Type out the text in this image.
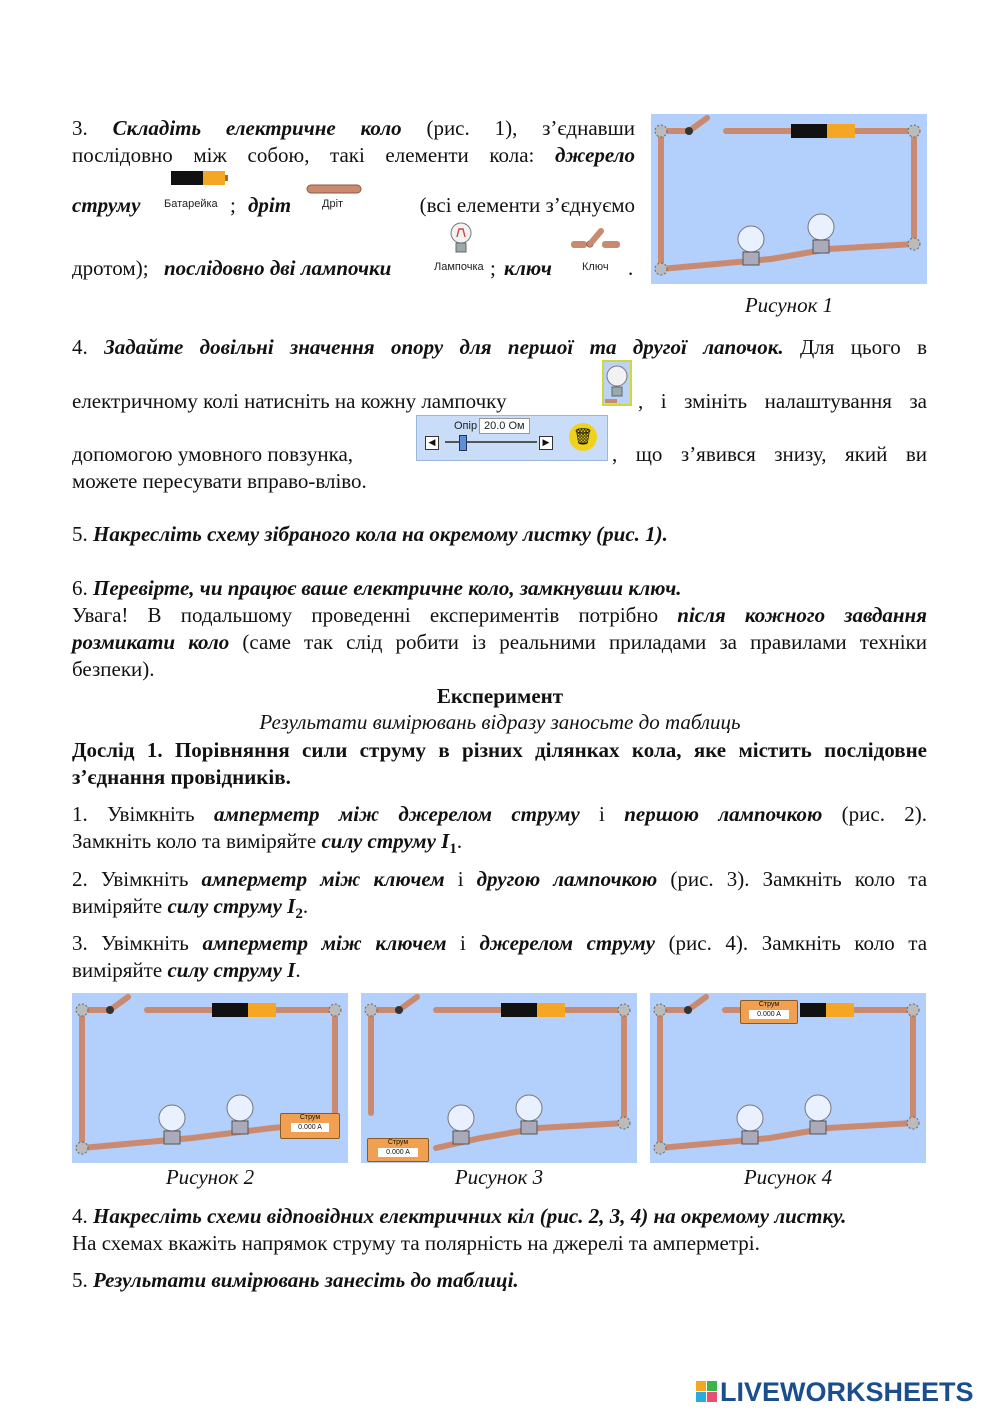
3. Складіть електричне коло (рис. 1), з’єднавши
послідовно між собою, такі елементи кола: джерело
струму Батарейка ; дріт	Дріт	(всі елементи з’єднуємо
дротом); послідовно дві лампочки	Лампочка ; ключ	Ключ .
Рисунок 1
4. Задайте довільні значення опору для першої та другої лапочок. Для цього в
електричному колі натисніть на кожну лампочку	, і змініть налаштування за
допомогою умовного повзунка,
Опір 20.0 Ом
◀	▶ 🗑
, що з’явився знизу, який ви
можете пересувати вправо-вліво.
5. Накресліть схему зібраного кола на окремому листку (рис. 1).
6. Перевірте, чи працює ваше електричне коло, замкнувши ключ.
Увага! В подальшому проведенні експериментів потрібно після кожного завдання
розмикати коло (саме так слід робити із реальними приладами за правилами техніки
безпеки).
Експеримент
Результати вимірювань відразу заносьте до таблиць
Дослід 1. Порівняння сили струму в різних ділянках кола, яке містить послідовне
з’єднання провідників.
1. Увімкніть амперметр між джерелом струму і першою лампочкою (рис. 2).
Замкніть коло та виміряйте силу струму $I_1$.
2. Увімкніть амперметр між ключем і другою лампочкою (рис. 3). Замкніть коло та
виміряйте силу струму $I_2$.
3. Увімкніть амперметр між ключем і джерелом струму (рис. 4). Замкніть коло та
виміряйте силу струму I.
Струм
0.000 A
Струм
0.000 A
Струм
0.000 A
Рисунок 2	Рисунок 3	Рисунок 4
4. Накресліть схеми відповідних електричних кіл (рис. 2, 3, 4) на окремому листку.
На схемах вкажіть напрямок струму та полярність на джерелі та амперметрі.
5. Результати вимірювань занесіть до таблиці.
LIVEWORKSHEETS
